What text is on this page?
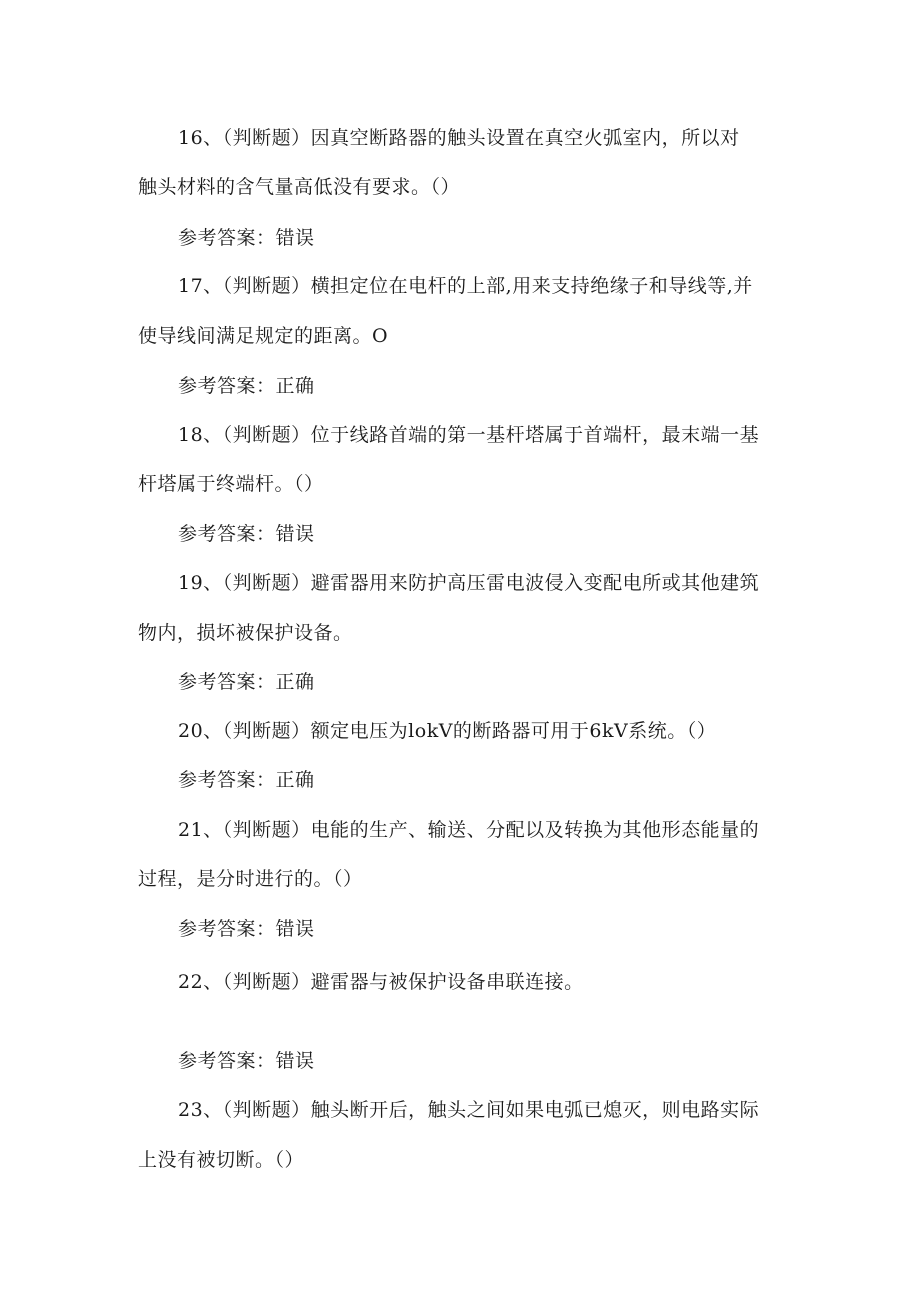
16、（判断题）因真空断路器的触头设置在真空火弧室内，所以对
触头材料的含气量高低没有要求。（）
参考答案：错误
17、（判断题）横担定位在电杆的上部,用来支持绝缘子和导线等,并
使导线间满足规定的距离。O
参考答案：正确
18、（判断题）位于线路首端的第一基杆塔属于首端杆，最末端一基
杆塔属于终端杆。（）
参考答案：错误
19、（判断题）避雷器用来防护高压雷电波侵入变配电所或其他建筑
物内，损坏被保护设备。
参考答案：正确
20、（判断题）额定电压为lokV的断路器可用于6kV系统。（）
参考答案：正确
21、（判断题）电能的生产、输送、分配以及转换为其他形态能量的
过程，是分时进行的。（）
参考答案：错误
22、（判断题）避雷器与被保护设备串联连接。
参考答案：错误
23、（判断题）触头断开后，触头之间如果电弧已熄灭，则电路实际
上没有被切断。（）
